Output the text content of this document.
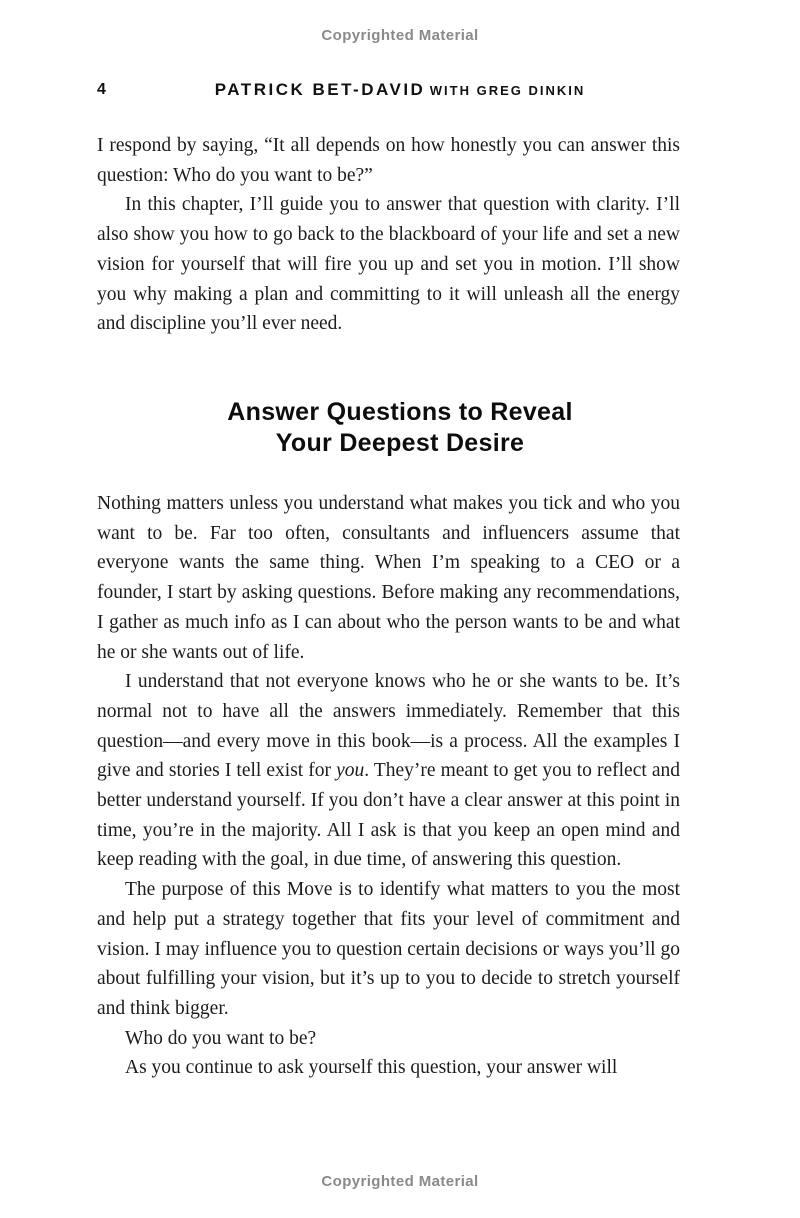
Copyrighted Material
4	PATRICK BET-DAVID WITH GREG DINKIN

I respond by saying, “It all depends on how honestly you can answer this question: Who do you want to be?”

In this chapter, I’ll guide you to answer that question with clarity. I’ll also show you how to go back to the blackboard of your life and set a new vision for yourself that will fire you up and set you in motion. I’ll show you why making a plan and committing to it will unleash all the energy and discipline you’ll ever need.

Answer Questions to Reveal
Your Deepest Desire

Nothing matters unless you understand what makes you tick and who you want to be. Far too often, consultants and influencers assume that everyone wants the same thing. When I’m speaking to a CEO or a founder, I start by asking questions. Before making any recommendations, I gather as much info as I can about who the person wants to be and what he or she wants out of life.

I understand that not everyone knows who he or she wants to be. It’s normal not to have all the answers immediately. Remember that this question—and every move in this book—is a process. All the examples I give and stories I tell exist for you. They’re meant to get you to reflect and better understand yourself. If you don’t have a clear answer at this point in time, you’re in the majority. All I ask is that you keep an open mind and keep reading with the goal, in due time, of answering this question.

The purpose of this Move is to identify what matters to you the most and help put a strategy together that fits your level of commitment and vision. I may influence you to question certain decisions or ways you’ll go about fulfilling your vision, but it’s up to you to decide to stretch yourself and think bigger.

Who do you want to be?

As you continue to ask yourself this question, your answer will

Copyrighted Material
